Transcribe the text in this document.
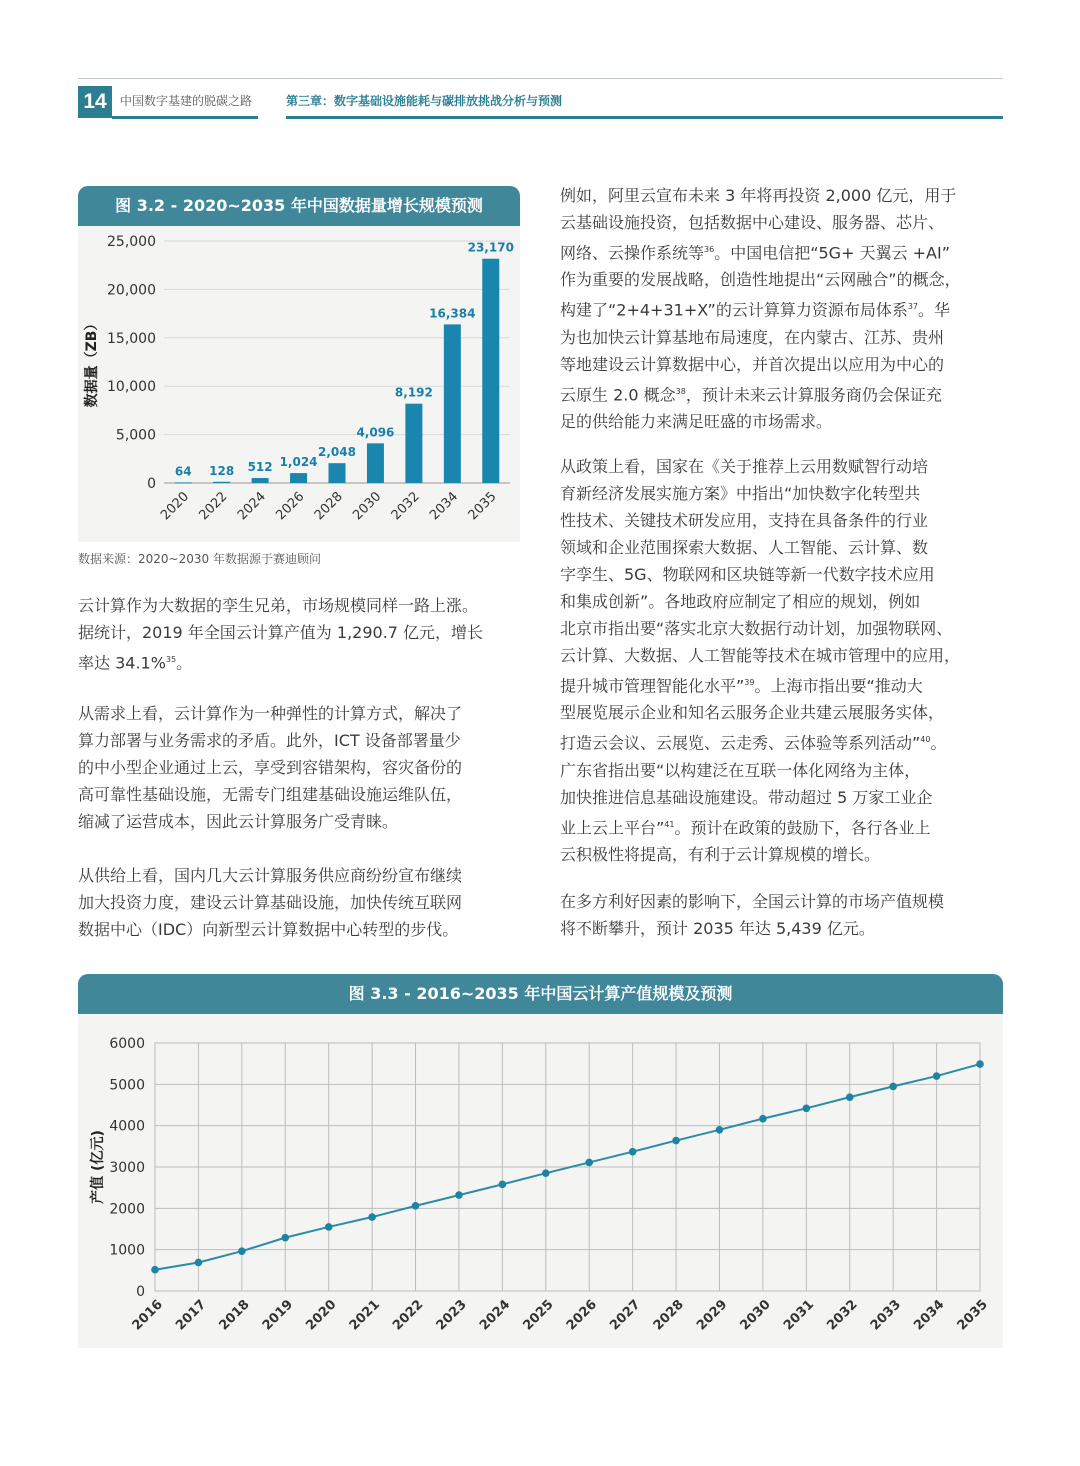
14	中国数字基建的脱碳之路	第三章：数字基础设施能耗与碳排放挑战分析与预测
图 3.2 - 2020~2035 年中国数据量增长规模预测
0
5,000
10,000
15,000
20,000
25,000
64
2020
128
2022
512
2024
1,024
2026
2,048
2028
4,096
2030
8,192
2032
16,384
2034
23,170
2035
数据量（ZB）
数据来源：2020~2030 年数据源于赛迪顾问

云计算作为大数据的孪生兄弟，市场规模同样一路上涨。
据统计，2019 年全国云计算产值为 1,290.7 亿元，增长
率达 34.1%$^{35}$。

从需求上看，云计算作为一种弹性的计算方式，解决了
算力部署与业务需求的矛盾。此外，ICT 设备部署量少
的中小型企业通过上云，享受到容错架构，容灾备份的
高可靠性基础设施，无需专门组建基础设施运维队伍，
缩减了运营成本，因此云计算服务广受青睐。

从供给上看，国内几大云计算服务供应商纷纷宣布继续
加大投资力度，建设云计算基础设施，加快传统互联网
数据中心（IDC）向新型云计算数据中心转型的步伐。

例如，阿里云宣布未来 3 年将再投资 2,000 亿元，用于
云基础设施投资，包括数据中心建设、服务器、芯片、
网络、云操作系统等$^{36}$。中国电信把“5G+ 天翼云 +AI”
作为重要的发展战略，创造性地提出“云网融合”的概念，
构建了“2+4+31+X”的云计算算力资源布局体系$^{37}$。华
为也加快云计算基地布局速度，在内蒙古、江苏、贵州
等地建设云计算数据中心，并首次提出以应用为中心的
云原生 2.0 概念$^{38}$，预计未来云计算服务商仍会保证充
足的供给能力来满足旺盛的市场需求。

从政策上看，国家在《关于推荐上云用数赋智行动培
育新经济发展实施方案》中指出“加快数字化转型共
性技术、关键技术研发应用，支持在具备条件的行业
领域和企业范围探索大数据、人工智能、云计算、数
字孪生、5G、物联网和区块链等新一代数字技术应用
和集成创新”。各地政府应制定了相应的规划，例如
北京市指出要“落实北京大数据行动计划，加强物联网、
云计算、大数据、人工智能等技术在城市管理中的应用，
提升城市管理智能化水平”$^{39}$。上海市指出要“推动大
型展览展示企业和知名云服务企业共建云展服务实体，
打造云会议、云展览、云走秀、云体验等系列活动”$^{40}$。
广东省指出要“以构建泛在互联一体化网络为主体，
加快推进信息基础设施建设。带动超过 5 万家工业企
业上云上平台”$^{41}$。预计在政策的鼓励下，各行各业上
云积极性将提高，有利于云计算规模的增长。

在多方利好因素的影响下，全国云计算的市场产值规模
将不断攀升，预计 2035 年达 5,439 亿元。

图 3.3 - 2016~2035 年中国云计算产值规模及预测
0
1000
2000
3000
4000
5000
6000
2016 2017 2018 2019 2020 2021 2022 2023 2024 2025 2026 2027 2028 2029 2030 2031 2032 2033 2034 2035
产值 (亿元)
